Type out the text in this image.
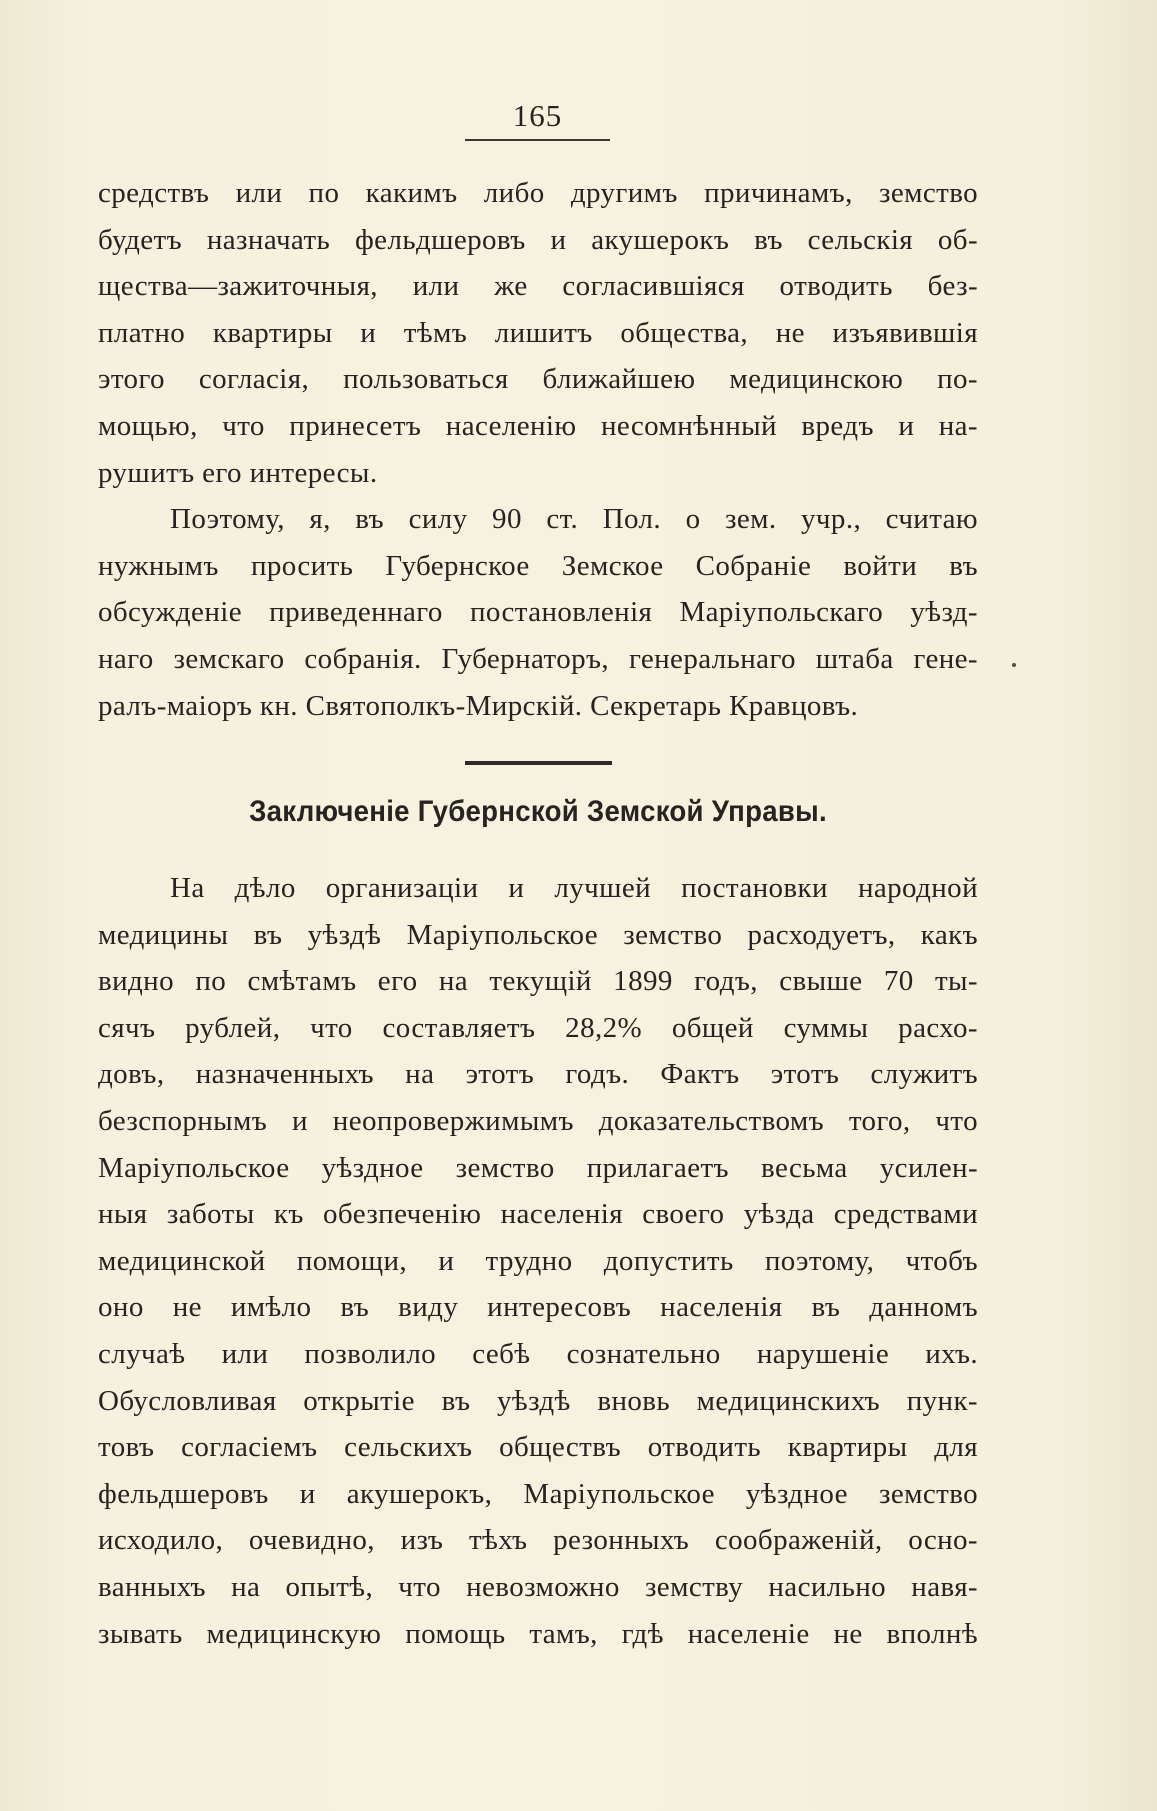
165
средствъ или по какимъ либо другимъ причинамъ, земство
будетъ назначать фельдшеровъ и акушерокъ въ сельскія об-
щества—зажиточныя, или же согласившіяся отводить без-
платно квартиры и тѣмъ лишитъ общества, не изъявившія
этого согласія, пользоваться ближайшею медицинскою по-
мощью, что принесетъ населенію несомнѣнный вредъ и на-
рушитъ его интересы.
Поэтому, я, въ силу 90 ст. Пол. о зем. учр., считаю
нужнымъ просить Губернское Земское Собраніе войти въ
обсужденіе приведеннаго постановленія Маріупольскаго уѣзд-
наго земскаго собранія. Губернаторъ, генеральнаго штаба гене-
ралъ-маіоръ кн. Святополкъ-Мирскій. Секретарь Кравцовъ.
Заключеніе Губернской Земской Управы.
На дѣло организаціи и лучшей постановки народной
медицины въ уѣздѣ Маріупольское земство расходуетъ, какъ
видно по смѣтамъ его на текущій 1899 годъ, свыше 70 ты-
сячъ рублей, что составляетъ 28,2% общей суммы расхо-
довъ, назначенныхъ на этотъ годъ. Фактъ этотъ служитъ
безспорнымъ и неопровержимымъ доказательствомъ того, что
Маріупольское уѣздное земство прилагаетъ весьма усилен-
ныя заботы къ обезпеченію населенія своего уѣзда средствами
медицинской помощи, и трудно допустить поэтому, чтобъ
оно не имѣло въ виду интересовъ населенія въ данномъ
случаѣ или позволило себѣ сознательно нарушеніе ихъ.
Обусловливая открытіе въ уѣздѣ вновь медицинскихъ пунк-
товъ согласіемъ сельскихъ обществъ отводить квартиры для
фельдшеровъ и акушерокъ, Маріупольское уѣздное земство
исходило, очевидно, изъ тѣхъ резонныхъ соображеній, осно-
ванныхъ на опытѣ, что невозможно земству насильно навя-
зывать медицинскую помощь тамъ, гдѣ населеніе не вполнѣ
